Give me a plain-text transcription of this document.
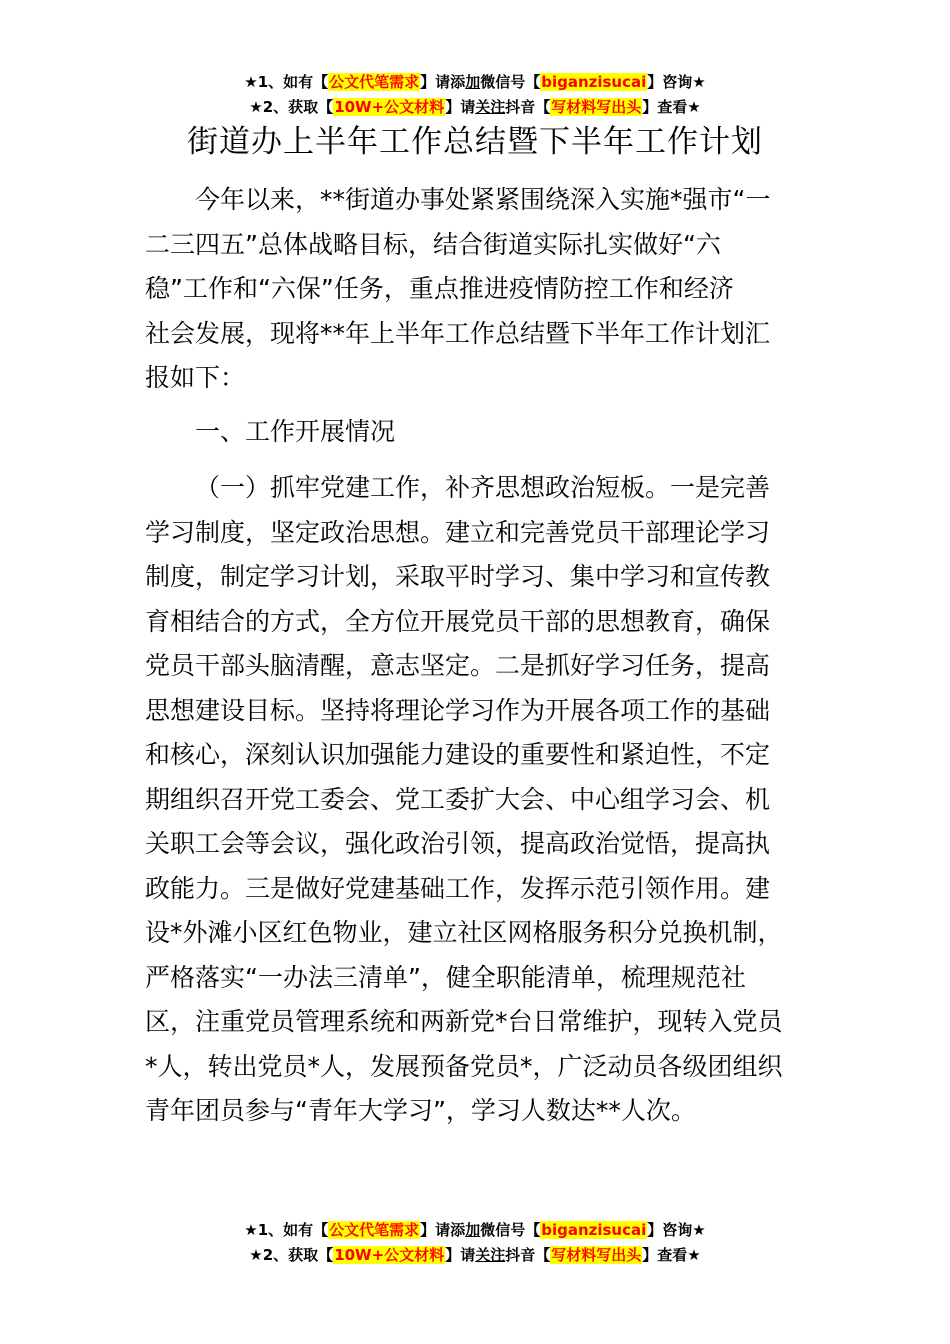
★1、如有【公文代笔需求】请添加微信号【biganzisucai】咨询★

★2、获取【10W+公文材料】请关注抖音【写材料写出头】查看★

街道办上半年工作总结暨下半年工作计划
今年以来，**街道办事处紧紧围绕深入实施*强市“一
二三四五”总体战略目标，结合街道实际扎实做好“六
稳”工作和“六保”任务，重点推进疫情防控工作和经济
社会发展，现将**年上半年工作总结暨下半年工作计划汇
报如下：
一、工作开展情况
（一）抓牢党建工作，补齐思想政治短板。一是完善
学习制度，坚定政治思想。建立和完善党员干部理论学习
制度，制定学习计划，采取平时学习、集中学习和宣传教
育相结合的方式，全方位开展党员干部的思想教育，确保
党员干部头脑清醒，意志坚定。二是抓好学习任务，提高
思想建设目标。坚持将理论学习作为开展各项工作的基础
和核心，深刻认识加强能力建设的重要性和紧迫性，不定
期组织召开党工委会、党工委扩大会、中心组学习会、机
关职工会等会议，强化政治引领，提高政治觉悟，提高执
政能力。三是做好党建基础工作，发挥示范引领作用。建
设*外滩小区红色物业，建立社区网格服务积分兑换机制，
严格落实“一办法三清单”，健全职能清单，梳理规范社
区，注重党员管理系统和两新党*台日常维护，现转入党员
*人，转出党员*人，发展预备党员*，广泛动员各级团组织
青年团员参与“青年大学习”，学习人数达**人次。

★1、如有【公文代笔需求】请添加微信号【biganzisucai】咨询★

★2、获取【10W+公文材料】请关注抖音【写材料写出头】查看★
